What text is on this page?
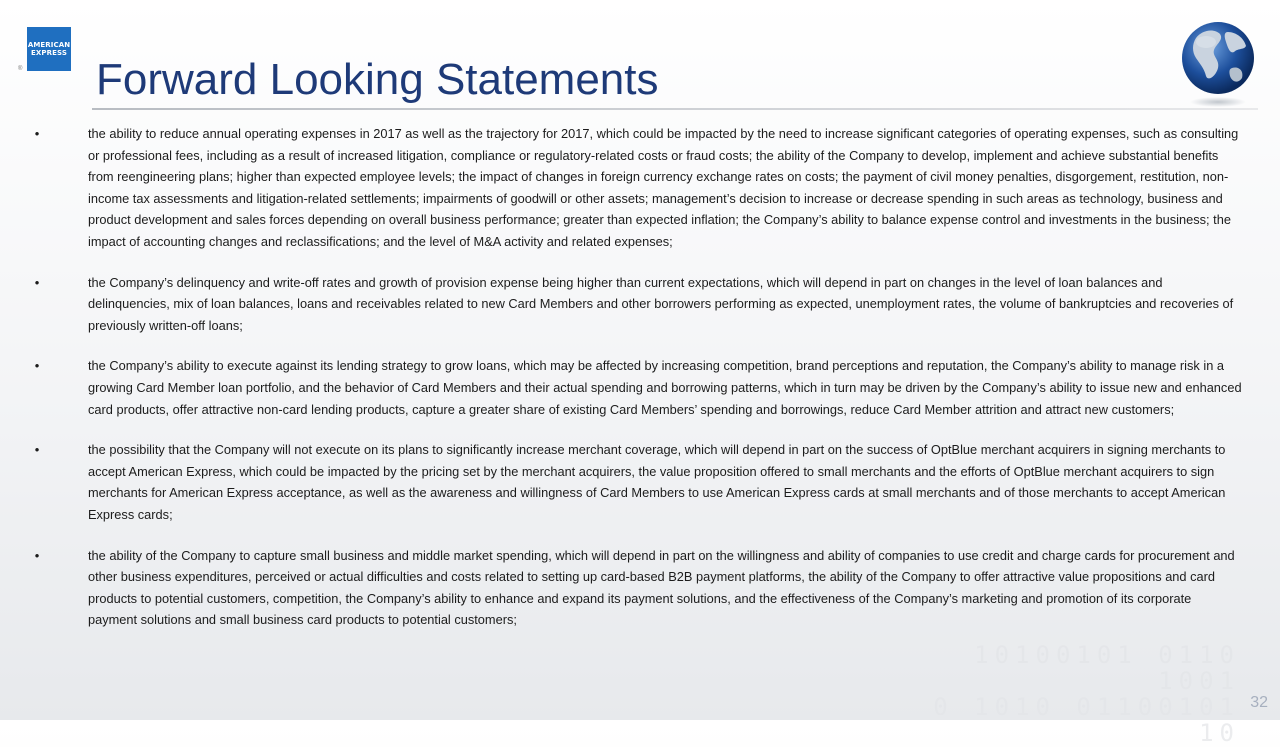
AMERICAN
EXPRESS
® Forward Looking Statements
•	the ability to reduce annual operating expenses in 2017 as well as the trajectory for 2017, which could be impacted by the need to increase significant categories of operating expenses, such as consulting or professional fees, including as a result of increased litigation, compliance or regulatory-related costs or fraud costs; the ability of the Company to develop, implement and achieve substantial benefits from reengineering plans; higher than expected employee levels; the impact of changes in foreign currency exchange rates on costs; the payment of civil money penalties, disgorgement, restitution, non-income tax assessments and litigation-related settlements; impairments of goodwill or other assets; management’s decision to increase or decrease spending in such areas as technology, business and product development and sales forces depending on overall business performance; greater than expected inflation; the Company’s ability to balance expense control and investments in the business; the impact of accounting changes and reclassifications; and the level of M&A activity and related expenses;
•	the Company’s delinquency and write-off rates and growth of provision expense being higher than current expectations, which will depend in part on changes in the level of loan balances and delinquencies, mix of loan balances, loans and receivables related to new Card Members and other borrowers performing as expected, unemployment rates, the volume of bankruptcies and recoveries of previously written-off loans;
•	the Company’s ability to execute against its lending strategy to grow loans, which may be affected by increasing competition, brand perceptions and reputation, the Company’s ability to manage risk in a growing Card Member loan portfolio, and the behavior of Card Members and their actual spending and borrowing patterns, which in turn may be driven by the Company’s ability to issue new and enhanced card products, offer attractive non-card lending products, capture a greater share of existing Card Members’ spending and borrowings, reduce Card Member attrition and attract new customers;
•	the possibility that the Company will not execute on its plans to significantly increase merchant coverage, which will depend in part on the success of OptBlue merchant acquirers in signing merchants to accept American Express, which could be impacted by the pricing set by the merchant acquirers, the value proposition offered to small merchants and the efforts of OptBlue merchant acquirers to sign merchants for American Express acceptance, as well as the awareness and willingness of Card Members to use American Express cards at small merchants and of those merchants to accept American Express cards;
•	the ability of the Company to capture small business and middle market spending, which will depend in part on the willingness and ability of companies to use credit and charge cards for procurement and other business expenditures, perceived or actual difficulties and costs related to setting up card-based B2B payment platforms, the ability of the Company to offer attractive value propositions and card products to potential customers, competition, the Company’s ability to enhance and expand its payment solutions, and the effectiveness of the Company’s marketing and promotion of its corporate payment solutions and small business card products to potential customers;
10100101 0110 1001
0 1010 01100101 10
32
